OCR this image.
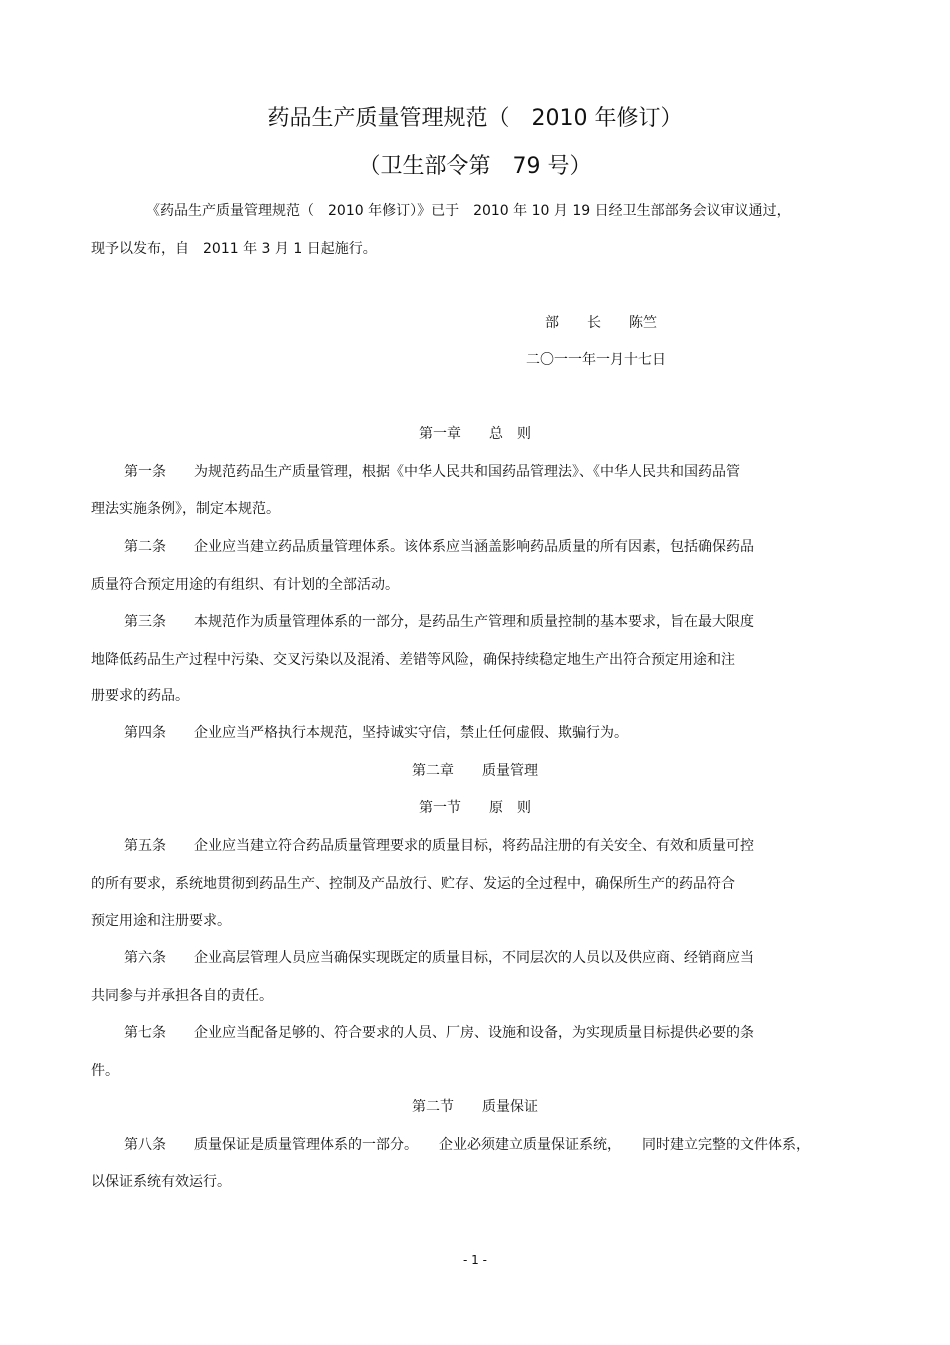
药品生产质量管理规范（　2010 年修订）
（卫生部令第　79 号）
《药品生产质量管理规范（　2010 年修订）》已于　2010 年 10 月 19 日经卫生部部务会议审议通过，
现予以发布，自　2011 年 3 月 1 日起施行。
部　　长　　陈竺
二〇一一年一月十七日
第一章　　总　则
第一条　　为规范药品生产质量管理，根据《中华人民共和国药品管理法》、《中华人民共和国药品管
理法实施条例》，制定本规范。
第二条　　企业应当建立药品质量管理体系。该体系应当涵盖影响药品质量的所有因素，包括确保药品
质量符合预定用途的有组织、有计划的全部活动。
第三条　　本规范作为质量管理体系的一部分，是药品生产管理和质量控制的基本要求，旨在最大限度
地降低药品生产过程中污染、交叉污染以及混淆、差错等风险，确保持续稳定地生产出符合预定用途和注
册要求的药品。
第四条　　企业应当严格执行本规范，坚持诚实守信，禁止任何虚假、欺骗行为。
第二章　　质量管理
第一节　　原　则
第五条　　企业应当建立符合药品质量管理要求的质量目标，将药品注册的有关安全、有效和质量可控
的所有要求，系统地贯彻到药品生产、控制及产品放行、贮存、发运的全过程中，确保所生产的药品符合
预定用途和注册要求。
第六条　　企业高层管理人员应当确保实现既定的质量目标，不同层次的人员以及供应商、经销商应当
共同参与并承担各自的责任。
第七条　　企业应当配备足够的、符合要求的人员、厂房、设施和设备，为实现质量目标提供必要的条
件。
第二节　　质量保证
第八条　　质量保证是质量管理体系的一部分。　　企业必须建立质量保证系统，　　同时建立完整的文件体系，
以保证系统有效运行。
- 1 -
